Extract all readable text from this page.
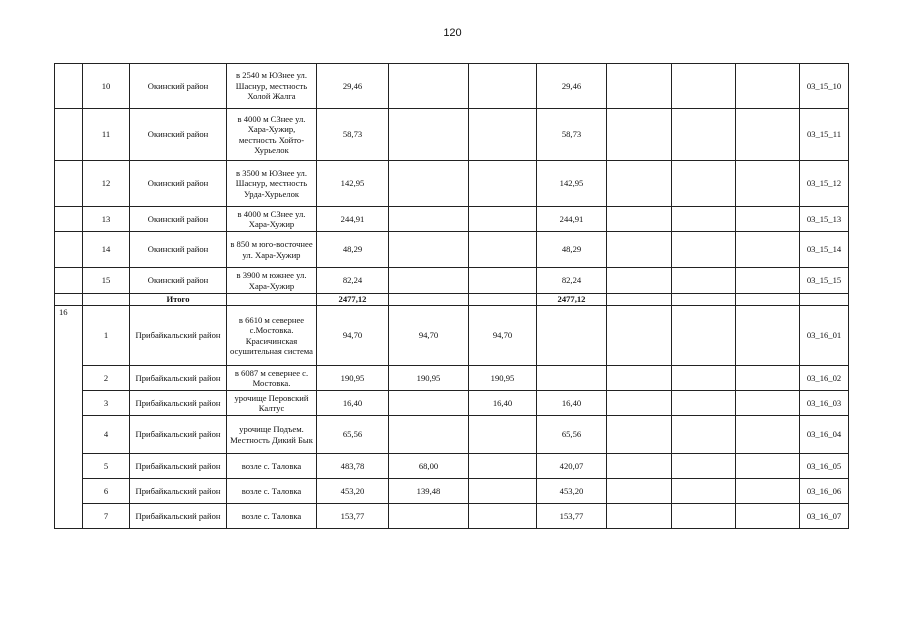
120
	10	Окинский район	в 2540 м ЮЗнее ул. Шаснур, местность Холой Жалга	29,46			29,46				03_15_10
	11	Окинский район	в 4000 м СЗнее ул. Хара-Хужир, местность Хойто-Хурьелок	58,73			58,73				03_15_11
	12	Окинский район	в 3500 м ЮЗнее ул. Шаснур, местность Урда-Хурьелок	142,95			142,95				03_15_12
	13	Окинский район	в 4000 м СЗнее ул. Хара-Хужир	244,91			244,91				03_15_13
	14	Окинский район	в 850 м юго-восточнее ул. Хара-Хужир	48,29			48,29				03_15_14
	15	Окинский район	в 3900 м южнее ул. Хара-Хужир	82,24			82,24				03_15_15
		Итого		2477,12			2477,12				
16	1	Прибайкальский район	в 6610 м севернее с.Мостовка. Красичинская осушительная система	94,70	94,70	94,70					03_16_01
	2	Прибайкальский район	в 6087 м севернее с. Мостовка.	190,95	190,95	190,95					03_16_02
	3	Прибайкальский район	урочище Перовский Калтус	16,40		16,40	16,40				03_16_03
	4	Прибайкальский район	урочище Подъем. Местность Дикий Бык	65,56			65,56				03_16_04
	5	Прибайкальский район	возле с. Таловка	483,78	68,00		420,07				03_16_05
	6	Прибайкальский район	возле с. Таловка	453,20	139,48		453,20				03_16_06
	7	Прибайкальский район	возле с. Таловка	153,77			153,77				03_16_07
